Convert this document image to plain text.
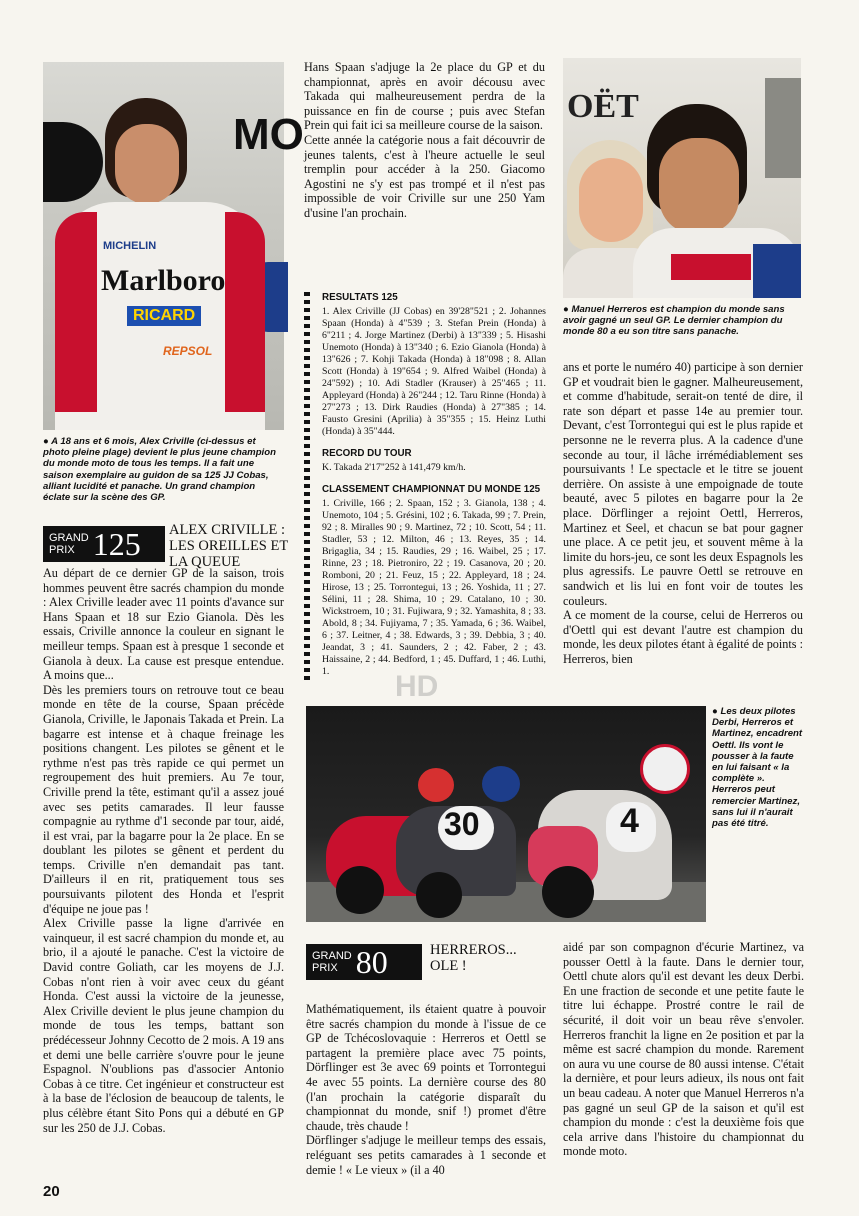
MO
Marlboro
RICARD
MICHELIN
REPSOL

● A 18 ans et 6 mois, Alex Criville (ci-dessus et photo pleine plage) devient le plus jeune champion du monde moto de tous les temps. Il a fait une saison exemplaire au guidon de sa 125 JJ Cobas, alliant lucidité et panache. Un grand champion éclate sur la scène des GP.

GRAND
PRIX 125	ALEX CRIVILLE : LES OREILLES ET LA QUEUE

Au départ de ce dernier GP de la saison, trois hommes peuvent être sacrés champion du monde : Alex Criville leader avec 11 points d'avance sur Hans Spaan et 18 sur Ezio Gianola. Dès les essais, Criville annonce la couleur en signant le meilleur temps. Spaan est à presque 1 seconde et Gianola à deux. La cause est presque entendue. A moins que...

Dès les premiers tours on retrouve tout ce beau monde en tête de la course, Spaan précède Gianola, Criville, le Japonais Takada et Prein. La bagarre est intense et à chaque freinage les positions changent. Les pilotes se gênent et le rythme n'est pas très rapide ce qui permet un regroupement des huit premiers. Au 7e tour, Criville prend la tête, estimant qu'il a assez joué avec ses petits camarades. Il leur fausse compagnie au rythme d'1 seconde par tour, aidé, il est vrai, par la bagarre pour la 2e place. En se doublant les pilotes se gênent et perdent du temps. Criville n'en demandait pas tant. D'ailleurs il en rit, pratiquement tous ses poursuivants pilotent des Honda et l'esprit d'équipe ne joue pas !

Alex Criville passe la ligne d'arrivée en vainqueur, il est sacré champion du monde et, au brio, il a ajouté le panache. C'est la victoire de David contre Goliath, car les moyens de J.J. Cobas n'ont rien à voir avec ceux du géant Honda. C'est aussi la victoire de la jeunesse, Alex Criville devient le plus jeune champion du monde de tous les temps, battant son prédécesseur Johnny Cecotto de 2 mois. A 19 ans et demi une belle carrière s'ouvre pour le jeune Espagnol. N'oublions pas d'associer Antonio Cobas à ce titre. Cet ingénieur et constructeur est à la base de l'éclosion de beaucoup de talents, le plus célèbre étant Sito Pons qui a débuté en GP sur les 250 de J.J. Cobas.

20

Hans Spaan s'adjuge la 2e place du GP et du championnat, après en avoir décousu avec Takada qui malheureusement perdra de la puissance en fin de course ; puis avec Stefan Prein qui fait ici sa meilleure course de la saison.

Cette année la catégorie nous a fait découvrir de jeunes talents, c'est à l'heure actuelle le seul tremplin pour accéder à la 250. Giacomo Agostini ne s'y est pas trompé et il n'est pas impossible de voir Criville sur une 250 Yam d'usine l'an prochain.

RESULTATS 125

1. Alex Criville (JJ Cobas) en 39'28"521 ; 2. Johannes Spaan (Honda) à 4"539 ; 3. Stefan Prein (Honda) à 6"211 ; 4. Jorge Martinez (Derbi) à 13"339 ; 5. Hisashi Unemoto (Honda) à 13"340 ; 6. Ezio Gianola (Honda) à 13"626 ; 7. Kohji Takada (Honda) à 18"098 ; 8. Allan Scott (Honda) à 19"654 ; 9. Alfred Waibel (Honda) à 24"592) ; 10. Adi Stadler (Krauser) à 25"465 ; 11. Appleyard (Honda) à 26"244 ; 12. Taru Rinne (Honda) à 27"273 ; 13. Dirk Raudies (Honda) à 27"385 ; 14. Fausto Gresini (Aprilia) à 35"355 ; 15. Heinz Luthi (Honda) à 35"444.

RECORD DU TOUR

K. Takada 2'17"252 à 141,479 km/h.

CLASSEMENT CHAMPIONNAT DU MONDE 125

1. Criville, 166 ; 2. Spaan, 152 ; 3. Gianola, 138 ; 4. Unemoto, 104 ; 5. Grésini, 102 ; 6. Takada, 99 ; 7. Prein, 92 ; 8. Miralles 90 ; 9. Martinez, 72 ; 10. Scott, 54 ; 11. Stadler, 53 ; 12. Milton, 46 ; 13. Reyes, 35 ; 14. Brigaglia, 34 ; 15. Raudies, 29 ; 16. Waibel, 25 ; 17. Rinne, 23 ; 18. Pietroniro, 22 ; 19. Casanova, 20 ; 20. Romboni, 20 ; 21. Feuz, 15 ; 22. Appleyard, 18 ; 24. Hirose, 13 ; 25. Torrontegui, 13 ; 26. Yoshida, 11 ; 27. Sélini, 11 ; 28. Shima, 10 ; 29. Catalano, 10 ; 30. Wickstroem, 10 ; 31. Fujiwara, 9 ; 32. Yamashita, 8 ; 33. Abold, 8 ; 34. Fujiyama, 7 ; 35. Yamada, 6 ; 36. Waibel, 6 ; 37. Leitner, 4 ; 38. Edwards, 3 ; 39. Debbia, 3 ; 40. Jeandat, 3 ; 41. Saunders, 2 ; 42. Faber, 2 ; 43. Haissaine, 2 ; 44. Bedford, 1 ; 45. Duffard, 1 ; 46. Luthi, 1.	HD
OËT

● Manuel Herreros est champion du monde sans avoir gagné un seul GP. Le dernier champion du monde 80 a eu son titre sans panache.

ans et porte le numéro 40) participe à son dernier GP et voudrait bien le gagner. Malheureusement, et comme d'habitude, serait-on tenté de dire, il rate son départ et passe 14e au premier tour. Devant, c'est Torrontegui qui est le plus rapide et personne ne le reverra plus. A la cadence d'une seconde au tour, il lâche irrémédiablement ses poursuivants ! Le spectacle et le titre se jouent derrière. On assiste à une empoignade de toute beauté, avec 5 pilotes en bagarre pour la 2e place. Dörflinger a rejoint Oettl, Herreros, Martinez et Seel, et chacun se bat pour gagner une place. A ce petit jeu, et souvent même à la limite du hors-jeu, ce sont les deux Espagnols les plus agressifs. Le pauvre Oettl se retrouve en sandwich et lis lui en font voir de toutes les couleurs.

A ce moment de la course, celui de Herreros ou d'Oettl qui est devant l'autre est champion du monde, les deux pilotes étant à égalité de points : Herreros, bien

30	4

● Les deux pilotes Derbi, Herreros et Martinez, encadrent Oettl. Ils vont le pousser à la faute en lui faisant « la complète ». Herreros peut remercier Martinez, sans lui il n'aurait pas été titré.

GRAND
PRIX 80	HERREROS... OLE !

Mathématiquement, ils étaient quatre à pouvoir être sacrés champion du monde à l'issue de ce GP de Tchécoslovaquie : Herreros et Oettl se partagent la première place avec 75 points, Dörflinger est 3e avec 69 points et Torrontegui 4e avec 55 points. La dernière course des 80 (l'an prochain la catégorie disparaît du championnat du monde, snif !) promet d'être chaude, très chaude !

Dörflinger s'adjuge le meilleur temps des essais, reléguant ses petits camarades à 1 seconde et demie ! « Le vieux » (il a 40

aidé par son compagnon d'écurie Martinez, va pousser Oettl à la faute. Dans le dernier tour, Oettl chute alors qu'il est devant les deux Derbi. En une fraction de seconde et une petite faute le titre lui échappe. Prostré contre le rail de sécurité, il doit voir un beau rêve s'envoler. Herreros franchit la ligne en 2e position et par la même est sacré champion du monde. Rarement on aura vu une course de 80 aussi intense. C'était la dernière, et pour leurs adieux, ils nous ont fait un beau cadeau. A noter que Manuel Herreros n'a pas gagné un seul GP de la saison et qu'il est champion du monde : c'est la deuxième fois que cela arrive dans l'histoire du championnat du monde moto.
